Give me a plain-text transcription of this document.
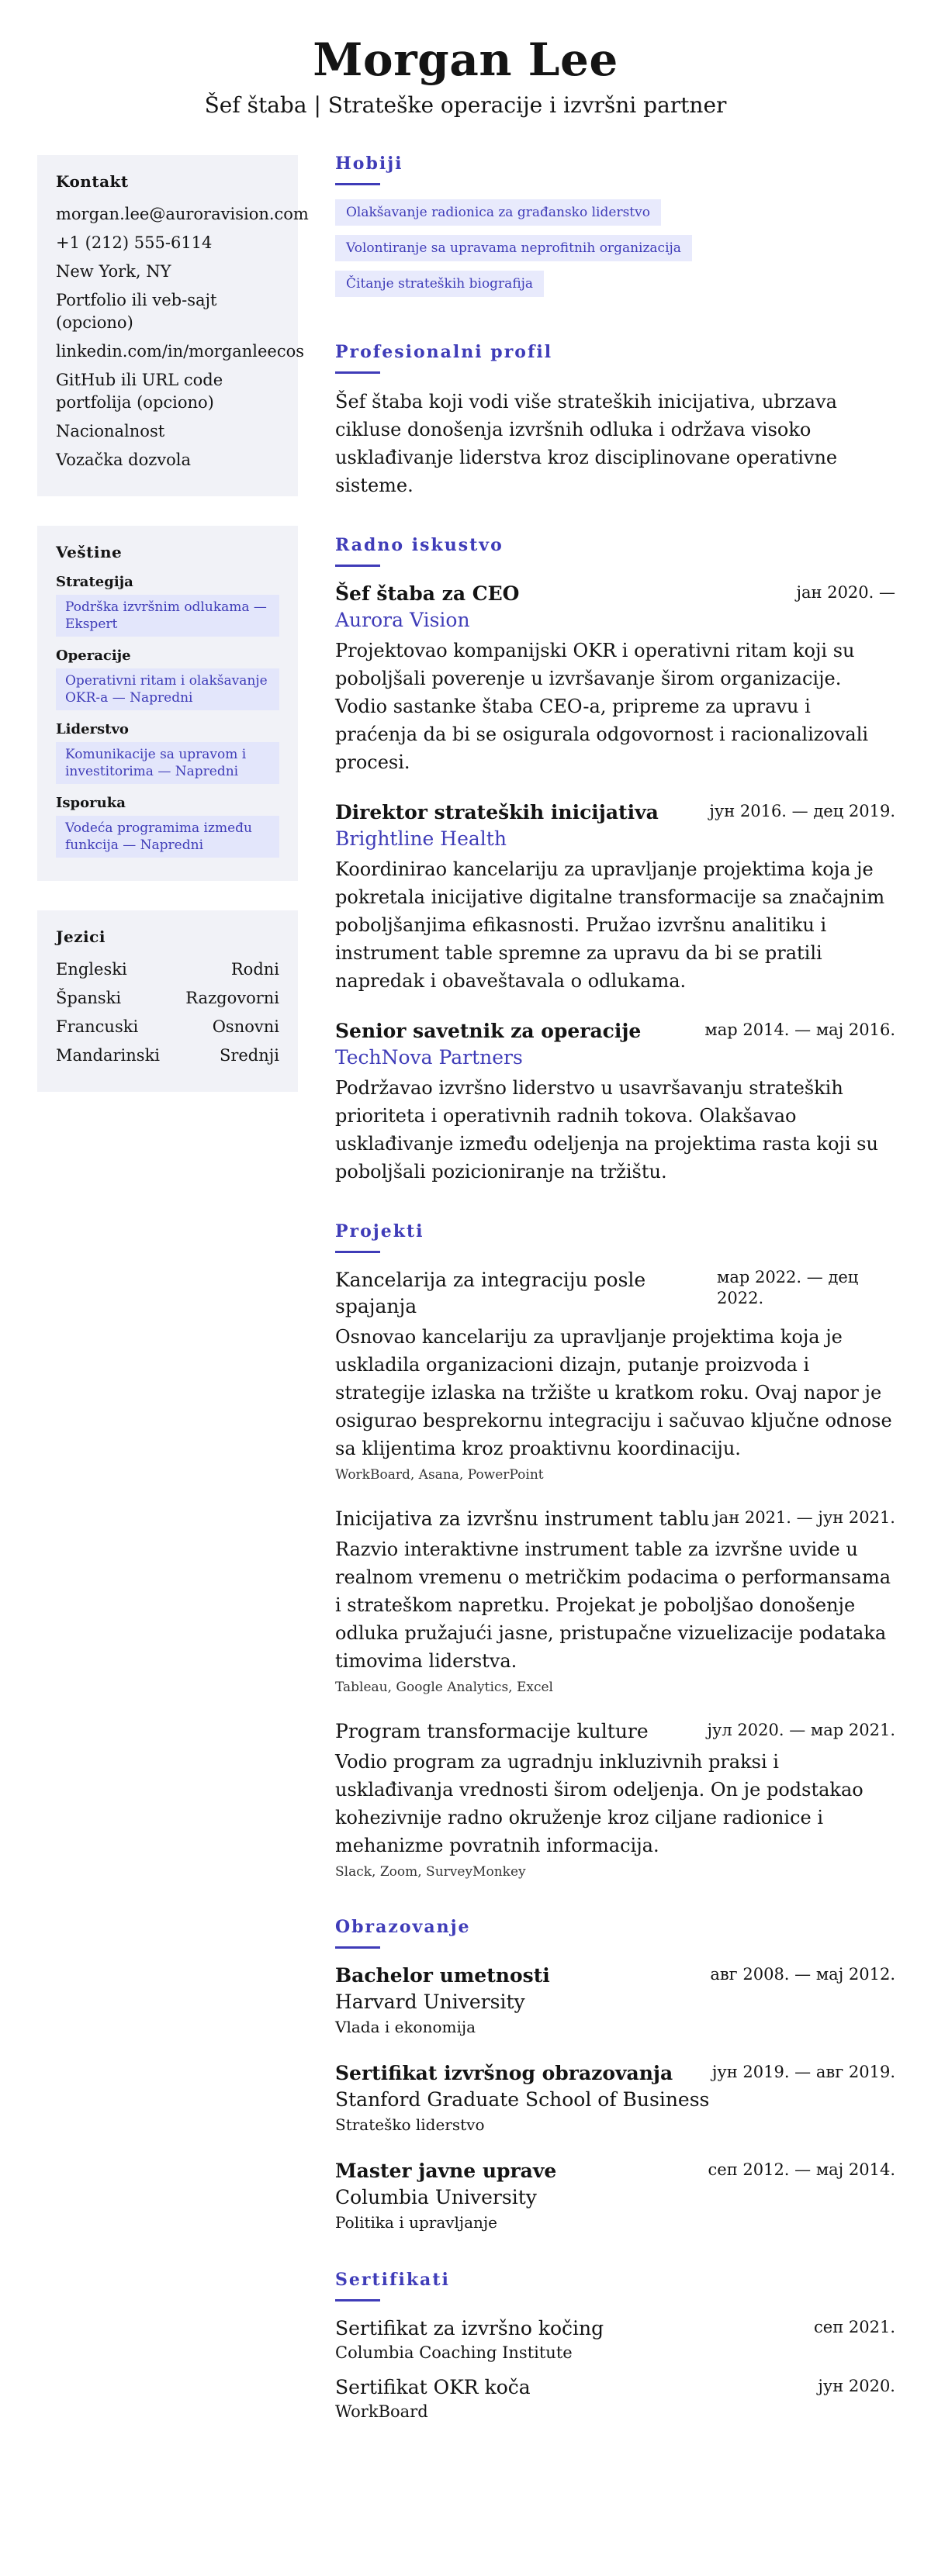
Morgan Lee
Šef štaba | Strateške operacije i izvršni partner
Kontakt
morgan.lee@auroravision.com
+1 (212) 555-6114
New York, NY
Portfolio ili veb-sajt (opciono)
linkedin.com/in/morganleecos
GitHub ili URL code portfolija (opciono)
Nacionalnost
Vozačka dozvola
Veštine
Strategija
Podrška izvršnim odlukama — Ekspert
Operacije
Operativni ritam i olakšavanje OKR-a — Napredni
Liderstvo
Komunikacije sa upravom i investitorima — Napredni
Isporuka
Vodeća programima između funkcija — Napredni
Jezici
Engleski	Rodni
Španski	Razgovorni
Francuski	Osnovni
Mandarinski	Srednji
Hobiji
Olakšavanje radionica za građansko liderstvo
Volontiranje sa upravama neprofitnih organizacija
Čitanje strateških biografija
Profesionalni profil
Šef štaba koji vodi više strateških inicijativa, ubrzava cikluse donošenja izvršnih odluka i održava visoko usklađivanje liderstva kroz disciplinovane operativne sisteme.
Radno iskustvo
Šef štaba za CEO	јан 2020. —
Aurora Vision
Projektovao kompanijski OKR i operativni ritam koji su poboljšali poverenje u izvršavanje širom organizacije. Vodio sastanke štaba CEO-a, pripreme za upravu i praćenja da bi se osigurala odgovornost i racionalizovali procesi.
Direktor strateških inicijativa	јун 2016. — дец 2019.
Brightline Health
Koordinirao kancelariju za upravljanje projektima koja je pokretala inicijative digitalne transformacije sa značajnim poboljšanjima efikasnosti. Pružao izvršnu analitiku i instrument table spremne za upravu da bi se pratili napredak i obaveštavala o odlukama.
Senior savetnik za operacije	мар 2014. — мај 2016.
TechNova Partners
Podržavao izvršno liderstvo u usavršavanju strateških prioriteta i operativnih radnih tokova. Olakšavao usklađivanje između odeljenja na projektima rasta koji su poboljšali pozicioniranje na tržištu.
Projekti
Kancelarija za integraciju posle spajanja
мар 2022. — дец 2022.
Osnovao kancelariju za upravljanje projektima koja je uskladila organizacioni dizajn, putanje proizvoda i strategije izlaska na tržište u kratkom roku. Ovaj napor je osigurao besprekornu integraciju i sačuvao ključne odnose sa klijentima kroz proaktivnu koordinaciju.
WorkBoard, Asana, PowerPoint
Inicijativa za izvršnu instrument tablu јан 2021. — јун 2021.
Razvio interaktivne instrument table za izvršne uvide u realnom vremenu o metričkim podacima o performansama i strateškom napretku. Projekat je poboljšao donošenje odluka pružajući jasne, pristupačne vizuelizacije podataka timovima liderstva.
Tableau, Google Analytics, Excel
Program transformacije kulture	јул 2020. — мар 2021.
Vodio program za ugradnju inkluzivnih praksi i usklađivanja vrednosti širom odeljenja. On je podstakao kohezivnije radno okruženje kroz ciljane radionice i mehanizme povratnih informacija.
Slack, Zoom, SurveyMonkey
Obrazovanje
Bachelor umetnosti	авг 2008. — мај 2012.
Harvard University
Vlada i ekonomija
Sertifikat izvršnog obrazovanja јун 2019. — авг 2019.
Stanford Graduate School of Business
Strateško liderstvo
Master javne uprave	сеп 2012. — мај 2014.
Columbia University
Politika i upravljanje
Sertifikati
Sertifikat za izvršno kočing	сеп 2021.
Columbia Coaching Institute
Sertifikat OKR koča	јун 2020.
WorkBoard
